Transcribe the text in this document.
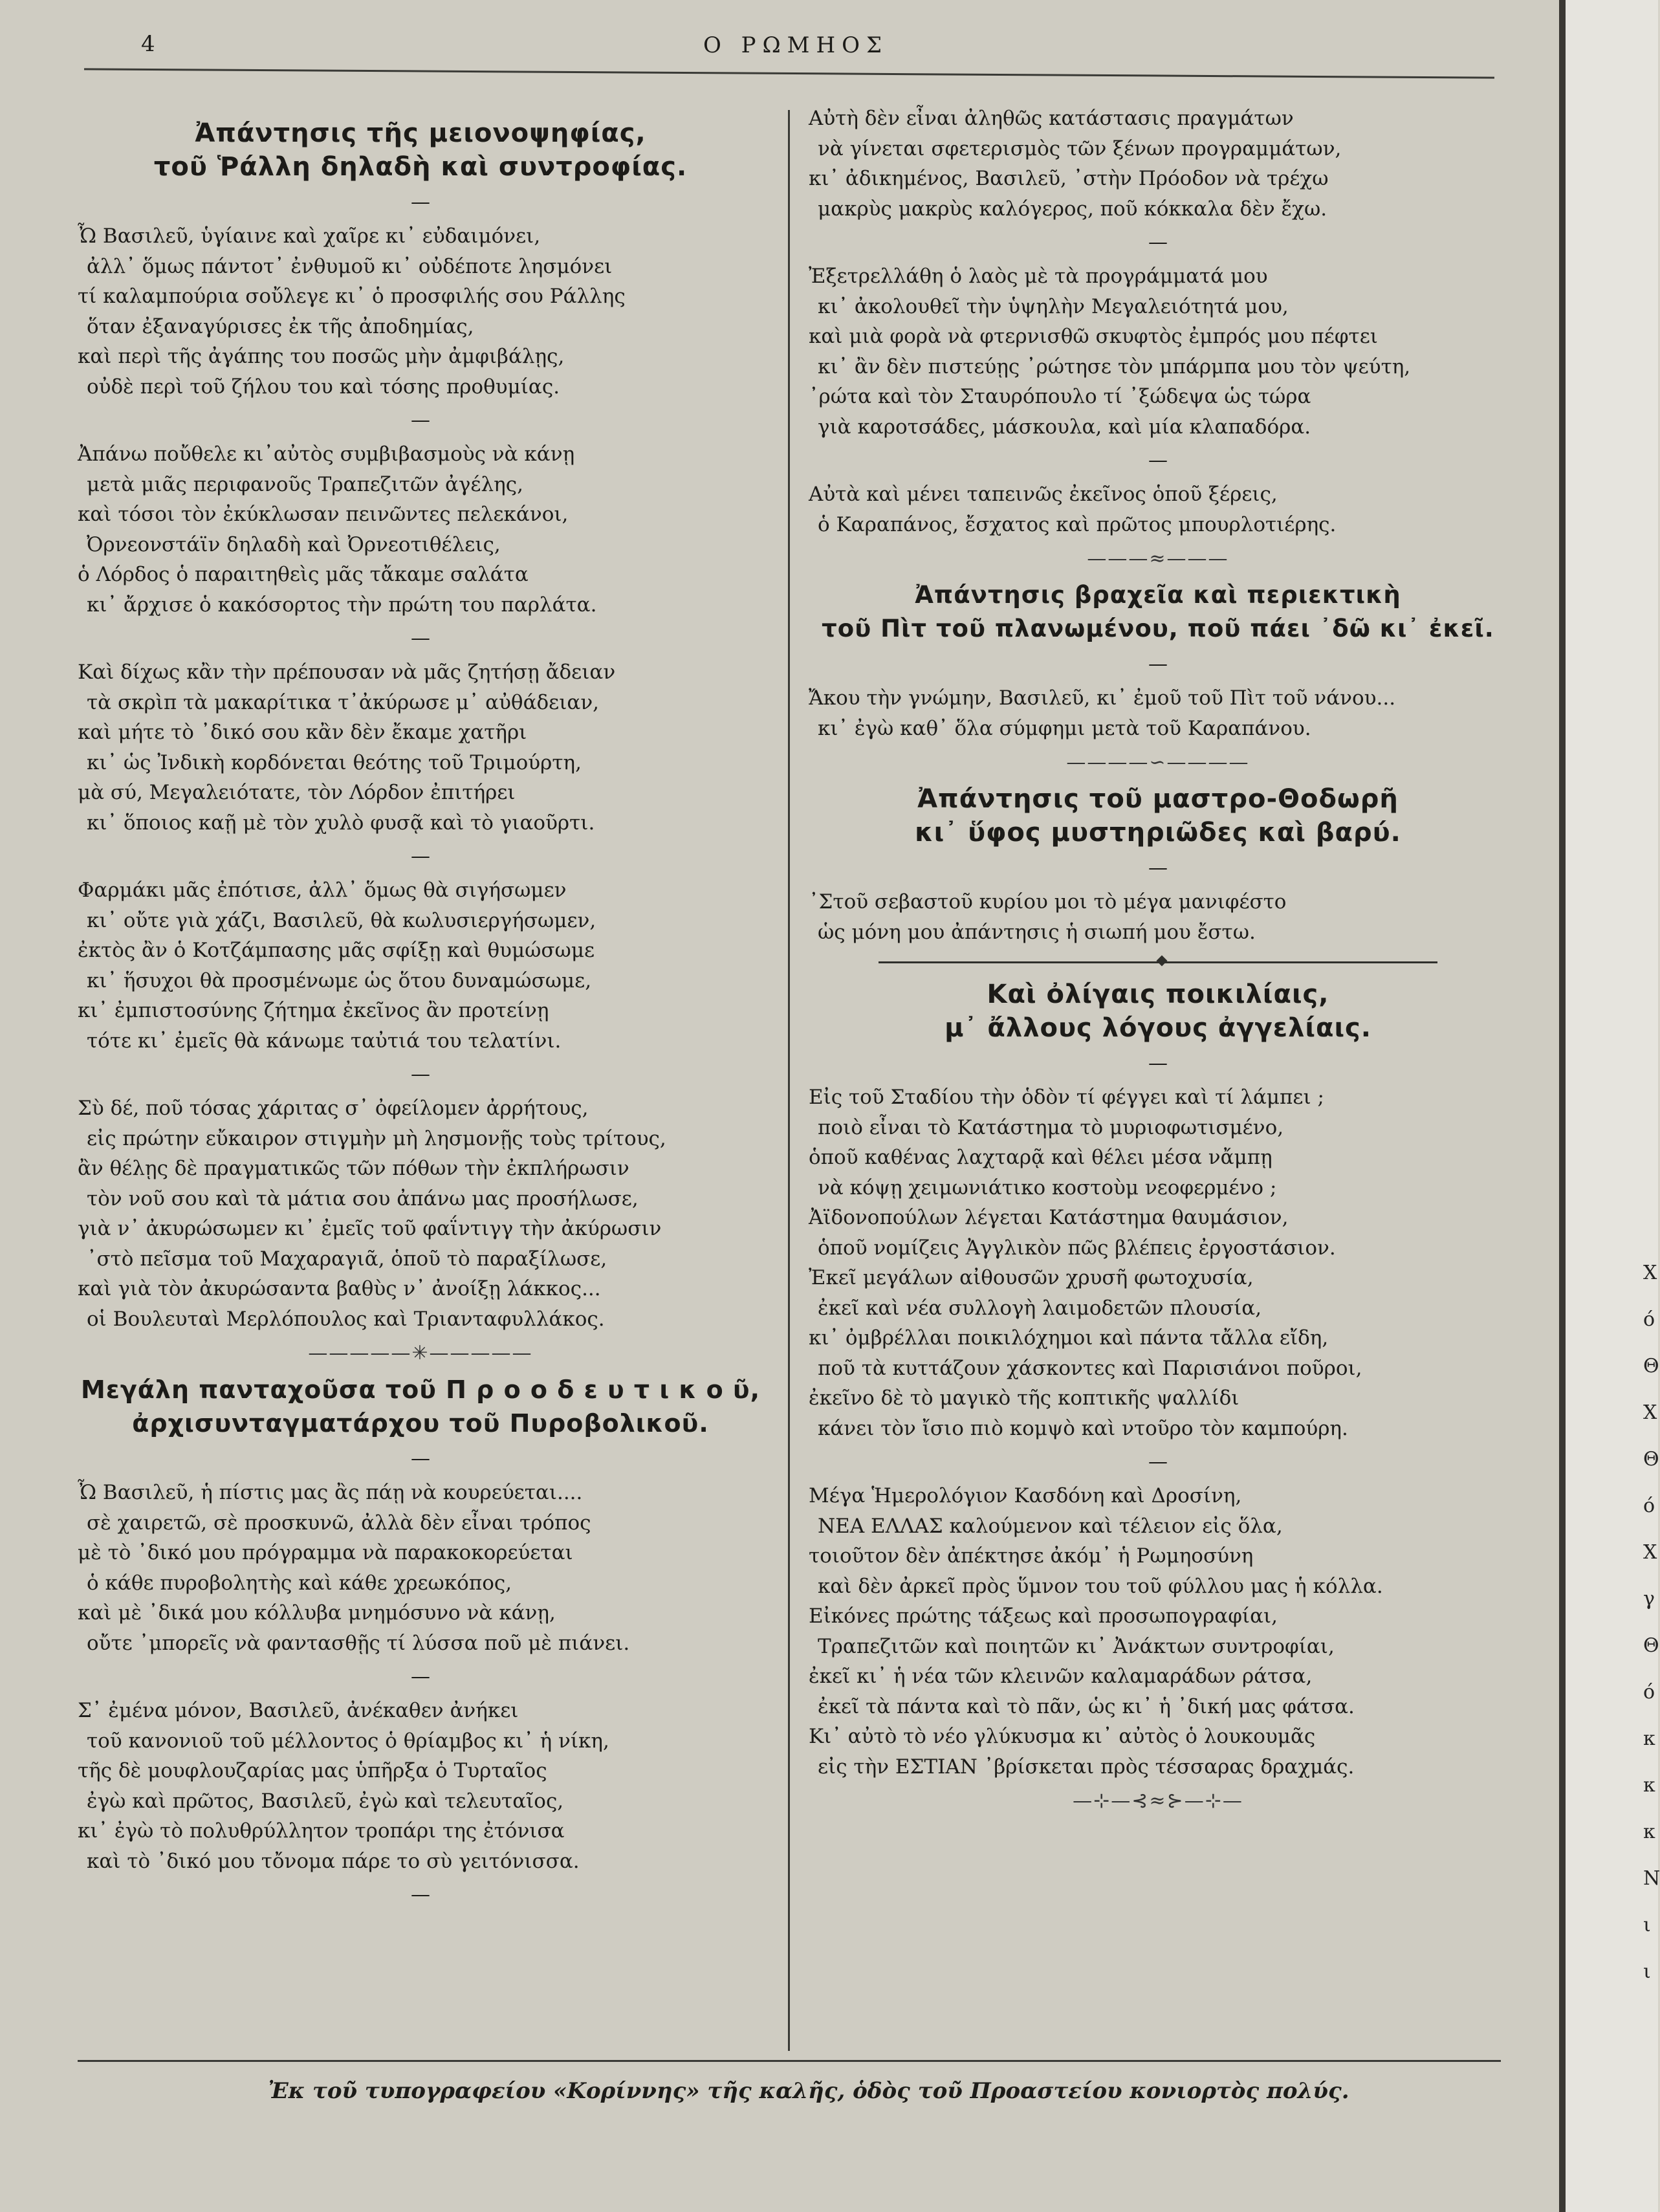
4	Ο ΡΩΜΗΟΣ
Ἀπάντησις τῆς μειονοψηφίας,
τοῦ Ῥάλλη δηλαδὴ καὶ συντροφίας.
—
Ὦ Βασιλεῦ, ὑγίαινε καὶ χαῖρε κι᾽ εὐδαιμόνει,
ἀλλ᾽ ὅμως πάντοτ᾽ ἐνθυμοῦ κι᾽ οὐδέποτε λησμόνει
τί καλαμπούρια σοὔλεγε κι᾽ ὁ προσφιλής σου Ράλλης
ὅταν ἐξαναγύρισες ἐκ τῆς ἀποδημίας,
καὶ περὶ τῆς ἀγάπης του ποσῶς μὴν ἀμφιβάλῃς,
οὐδὲ περὶ τοῦ ζήλου του καὶ τόσης προθυμίας.
—
Ἀπάνω ποὔθελε κι᾽αὐτὸς συμβιβασμοὺς νὰ κάνῃ
μετὰ μιᾶς περιφανοῦς Τραπεζιτῶν ἀγέλης,
καὶ τόσοι τὸν ἐκύκλωσαν πεινῶντες πελεκάνοι,
Ὀρνεονστάϊν δηλαδὴ καὶ Ὀρνεοτιθέλεις,
ὁ Λόρδος ὁ παραιτηθεὶς μᾶς τἄκαμε σαλάτα
κι᾽ ἄρχισε ὁ κακόσορτος τὴν πρώτη του παρλάτα.
—
Καὶ δίχως κἂν τὴν πρέπουσαν νὰ μᾶς ζητήσῃ ἄδειαν
τὰ σκρὶπ τὰ μακαρίτικα τ᾽ἀκύρωσε μ᾽ αὐθάδειαν,
καὶ μήτε τὸ ᾽δικό σου κἂν δὲν ἔκαμε χατῆρι
κι᾽ ὡς Ἰνδικὴ κορδόνεται θεότης τοῦ Τριμούρτη,
μὰ σύ, Μεγαλειότατε, τὸν Λόρδον ἐπιτήρει
κι᾽ ὅποιος καῇ μὲ τὸν χυλὸ φυσᾷ καὶ τὸ γιαοῦρτι.
—
Φαρμάκι μᾶς ἐπότισε, ἀλλ᾽ ὅμως θὰ σιγήσωμεν
κι᾽ οὔτε γιὰ χάζι, Βασιλεῦ, θὰ κωλυσιεργήσωμεν,
ἐκτὸς ἂν ὁ Κοτζάμπασης μᾶς σφίξῃ καὶ θυμώσωμε
κι᾽ ἥσυχοι θὰ προσμένωμε ὡς ὅτου δυναμώσωμε,
κι᾽ ἐμπιστοσύνης ζήτημα ἐκεῖνος ἂν προτείνῃ
τότε κι᾽ ἐμεῖς θὰ κάνωμε ταὐτιά του τελατίνι.
—
Σὺ δέ, ποῦ τόσας χάριτας σ᾽ ὀφείλομεν ἀρρήτους,
εἰς πρώτην εὔκαιρον στιγμὴν μὴ λησμονῇς τοὺς τρίτους,
ἂν θέλῃς δὲ πραγματικῶς τῶν πόθων τὴν ἐκπλήρωσιν
τὸν νοῦ σου καὶ τὰ μάτια σου ἀπάνω μας προσήλωσε,
γιὰ ν᾽ ἀκυρώσωμεν κι᾽ ἐμεῖς τοῦ φαΐντιγγ τὴν ἀκύρωσιν
᾽στὸ πεῖσμα τοῦ Μαχαραγιᾶ, ὁποῦ τὸ παραξίλωσε,
καὶ γιὰ τὸν ἀκυρώσαντα βαθὺς ν᾽ ἀνοίξῃ λάκκος...
οἱ Βουλευταὶ Μερλόπουλος καὶ Τριανταφυλλάκος.
—————✳—————
Μεγάλη πανταχοῦσα τοῦ Π ρ ο ο δ ε υ τ ι κ ο ῦ,
ἀρχισυνταγματάρχου τοῦ Πυροβολικοῦ.
—
Ὦ Βασιλεῦ, ἡ πίστις μας ἂς πάῃ νὰ κουρεύεται....
σὲ χαιρετῶ, σὲ προσκυνῶ, ἀλλὰ δὲν εἶναι τρόπος
μὲ τὸ ᾽δικό μου πρόγραμμα νὰ παρακοκορεύεται
ὁ κάθε πυροβολητὴς καὶ κάθε χρεωκόπος,
καὶ μὲ ᾽δικά μου κόλλυβα μνημόσυνο νὰ κάνῃ,
οὔτε ᾽μπορεῖς νὰ φαντασθῇς τί λύσσα ποῦ μὲ πιάνει.
—
Σ᾽ ἐμένα μόνον, Βασιλεῦ, ἀνέκαθεν ἀνήκει
τοῦ κανονιοῦ τοῦ μέλλοντος ὁ θρίαμβος κι᾽ ἡ νίκη,
τῆς δὲ μουφλουζαρίας μας ὑπῆρξα ὁ Τυρταῖος
ἐγὼ καὶ πρῶτος, Βασιλεῦ, ἐγὼ καὶ τελευταῖος,
κι᾽ ἐγὼ τὸ πολυθρύλλητον τροπάρι της ἐτόνισα
καὶ τὸ ᾽δικό μου τὄνομα πάρε το σὺ γειτόνισσα.
—
Αὐτὴ δὲν εἶναι ἀληθῶς κατάστασις πραγμάτων
νὰ γίνεται σφετερισμὸς τῶν ξένων προγραμμάτων,
κι᾽ ἀδικημένος, Βασιλεῦ, ᾽στὴν Πρόοδον νὰ τρέχω
μακρὺς μακρὺς καλόγερος, ποῦ κόκκαλα δὲν ἔχω.
—
Ἐξετρελλάθη ὁ λαὸς μὲ τὰ προγράμματά μου
κι᾽ ἀκολουθεῖ τὴν ὑψηλὴν Μεγαλειότητά μου,
καὶ μιὰ φορὰ νὰ φτερνισθῶ σκυφτὸς ἐμπρός μου πέφτει
κι᾽ ἂν δὲν πιστεύῃς ᾽ρώτησε τὸν μπάρμπα μου τὸν ψεύτη,
᾽ρώτα καὶ τὸν Σταυρόπουλο τί ᾽ξώδεψα ὡς τώρα
γιὰ καροτσάδες, μάσκουλα, καὶ μία κλαπαδόρα.
—
Αὐτὰ καὶ μένει ταπεινῶς ἐκεῖνος ὁποῦ ξέρεις,
ὁ Καραπάνος, ἔσχατος καὶ πρῶτος μπουρλοτιέρης.
———≈———
Ἀπάντησις βραχεῖα καὶ περιεκτικὴ
τοῦ Πὶτ τοῦ πλανωμένου, ποῦ πάει ᾽δῶ κι᾽ ἐκεῖ.
—
Ἄκου τὴν γνώμην, Βασιλεῦ, κι᾽ ἐμοῦ τοῦ Πὶτ τοῦ νάνου...
κι᾽ ἐγὼ καθ᾽ ὅλα σύμφημι μετὰ τοῦ Καραπάνου.
————∽————
Ἀπάντησις τοῦ μαστρο-Θοδωρῆ
κι᾽ ὕφος μυστηριῶδες καὶ βαρύ.
—
᾽Στοῦ σεβαστοῦ κυρίου μοι τὸ μέγα μανιφέστο
ὡς μόνη μου ἀπάντησις ἡ σιωπή μου ἔστω.
Καὶ ὀλίγαις ποικιλίαις,
μ᾽ ἄλλους λόγους ἀγγελίαις.
—
Εἰς τοῦ Σταδίου τὴν ὁδὸν τί φέγγει καὶ τί λάμπει ;
ποιὸ εἶναι τὸ Κατάστημα τὸ μυριοφωτισμένο,
ὁποῦ καθένας λαχταρᾷ καὶ θέλει μέσα νἄμπῃ
νὰ κόψῃ χειμωνιάτικο κοστοὺμ νεοφερμένο ;
Ἀϊδονοπούλων λέγεται Κατάστημα θαυμάσιον,
ὁποῦ νομίζεις Ἀγγλικὸν πῶς βλέπεις ἐργοστάσιον.
Ἐκεῖ μεγάλων αἰθουσῶν χρυσῆ φωτοχυσία,
ἐκεῖ καὶ νέα συλλογὴ λαιμοδετῶν πλουσία,
κι᾽ ὀμβρέλλαι ποικιλόχημοι καὶ πάντα τἄλλα εἴδη,
ποῦ τὰ κυττάζουν χάσκοντες καὶ Παρισιάνοι ποῦροι,
ἐκεῖνο δὲ τὸ μαγικὸ τῆς κοπτικῆς ψαλλίδι
κάνει τὸν ἴσιο πιὸ κομψὸ καὶ ντοῦρο τὸν καμπούρη.
—
Μέγα Ἡμερολόγιον Κασδόνη καὶ Δροσίνη,
ΝΕΑ ΕΛΛΑΣ καλούμενον καὶ τέλειον εἰς ὅλα,
τοιοῦτον δὲν ἀπέκτησε ἀκόμ᾽ ἡ Ρωμηοσύνη
καὶ δὲν ἀρκεῖ πρὸς ὕμνον του τοῦ φύλλου μας ἡ κόλλα.
Εἰκόνες πρώτης τάξεως καὶ προσωπογραφίαι,
Τραπεζιτῶν καὶ ποιητῶν κι᾽ Ἀνάκτων συντροφίαι,
ἐκεῖ κι᾽ ἡ νέα τῶν κλεινῶν καλαμαράδων ράτσα,
ἐκεῖ τὰ πάντα καὶ τὸ πᾶν, ὡς κι᾽ ἡ ᾽δική μας φάτσα.
Κι᾽ αὐτὸ τὸ νέο γλύκυσμα κι᾽ αὐτὸς ὁ λουκουμᾶς
εἰς τὴν ΕΣΤΙΑΝ ᾽βρίσκεται πρὸς τέσσαρας δραχμάς.
—⊹—⊰≈⊱—⊹—
Ἐκ τοῦ τυπογραφείου «Κορίννης» τῆς καλῆς, ὁδὸς τοῦ Προαστείου κονιορτὸς πολύς.
Χ
ό
Θ
Χ
Θ
ό
Χ
γ
Θ
ό
κ
κ
κ
Ν
ι
ι
